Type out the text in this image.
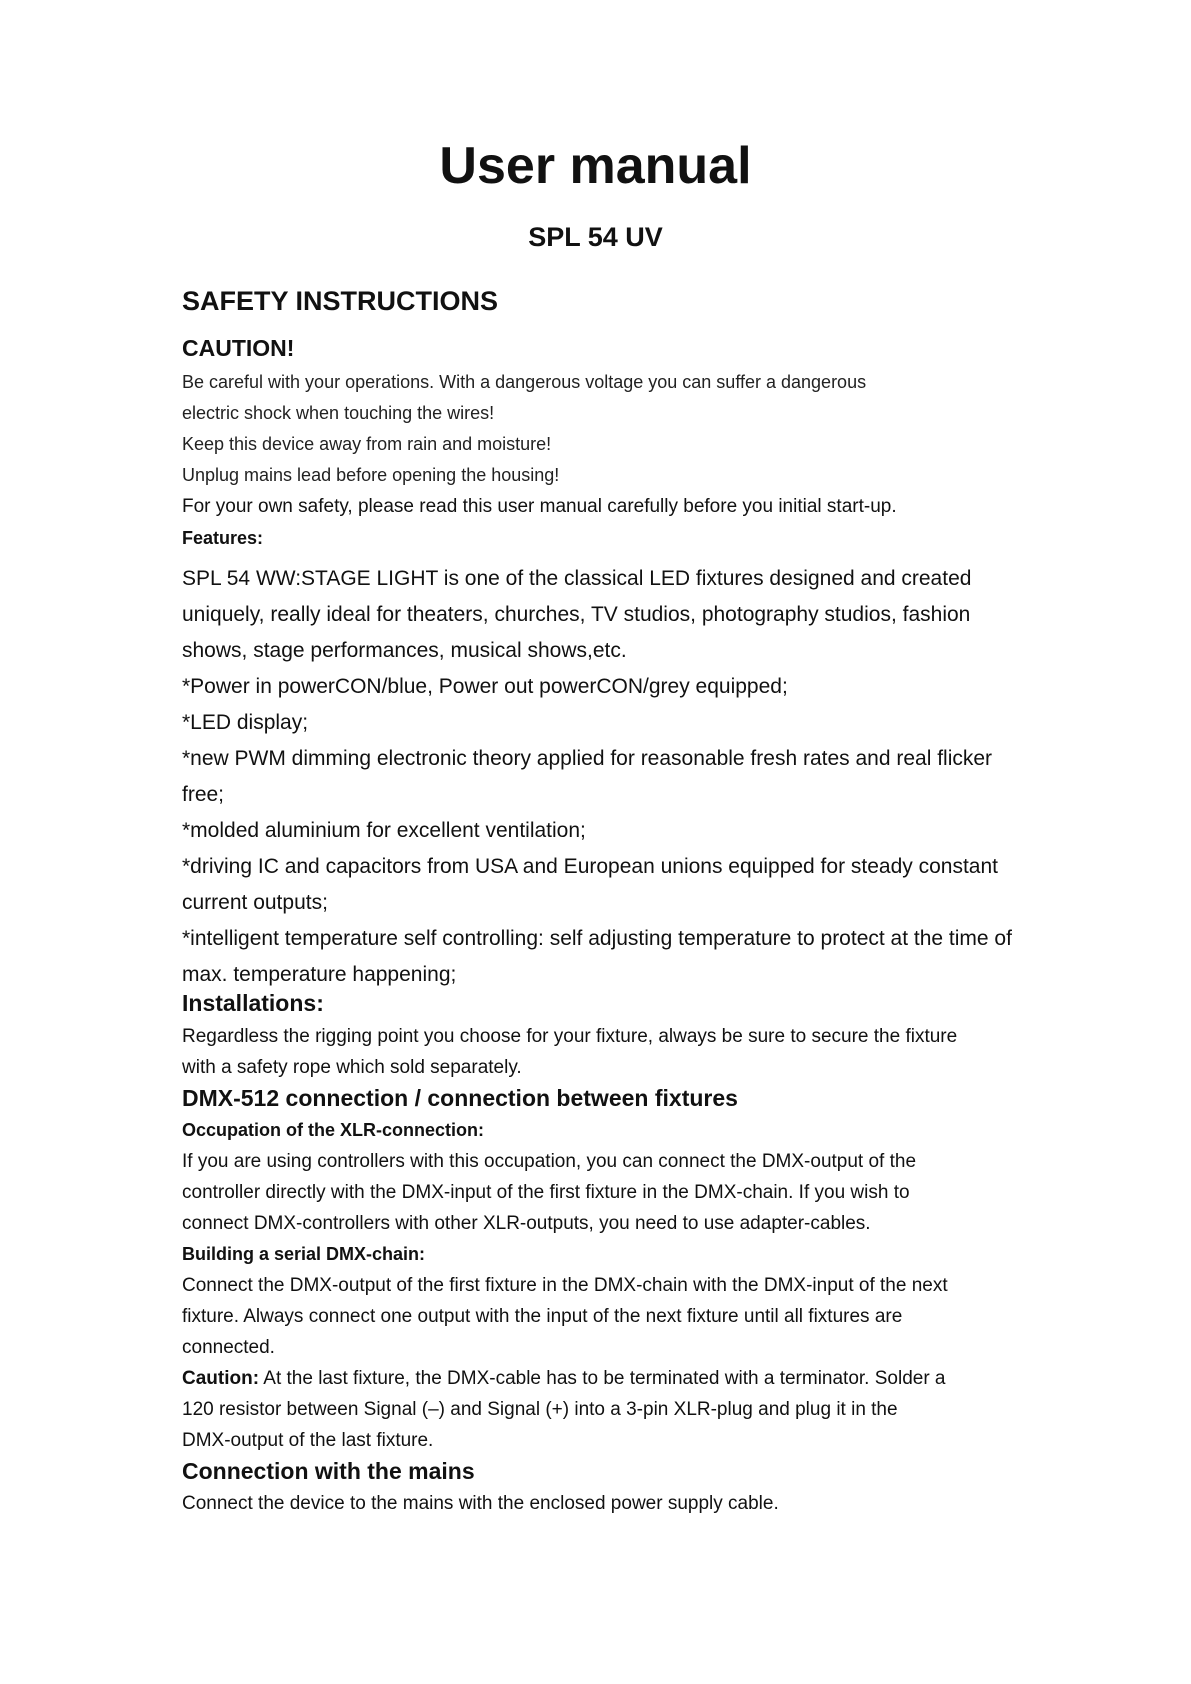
User manual
SPL 54 UV
SAFETY INSTRUCTIONS
CAUTION!
Be careful with your operations. With a dangerous voltage you can suffer a dangerous
electric shock when touching the wires!
Keep this device away from rain and moisture!
Unplug mains lead before opening the housing!
For your own safety, please read this user manual carefully before you initial start-up.
Features:
SPL 54 WW:STAGE LIGHT is one of the classical LED fixtures designed and created
uniquely, really ideal for theaters, churches, TV studios, photography studios, fashion
shows, stage performances, musical shows,etc.
*Power in powerCON/blue, Power out powerCON/grey equipped;
*LED display;
*new PWM dimming electronic theory applied for reasonable fresh rates and real flicker
free;
*molded aluminium for excellent ventilation;
*driving IC and capacitors from USA and European unions equipped for steady constant
current outputs;
*intelligent temperature self controlling: self adjusting temperature to protect at the time of
max. temperature happening;
Installations:
Regardless the rigging point you choose for your fixture, always be sure to secure the fixture
with a safety rope which sold separately.
DMX-512 connection / connection between fixtures
Occupation of the XLR-connection:
If you are using controllers with this occupation, you can connect the DMX-output of the
controller directly with the DMX-input of the first fixture in the DMX-chain. If you wish to
connect DMX-controllers with other XLR-outputs, you need to use adapter-cables.
Building a serial DMX-chain:
Connect the DMX-output of the first fixture in the DMX-chain with the DMX-input of the next
fixture. Always connect one output with the input of the next fixture until all fixtures are
connected.
Caution: At the last fixture, the DMX-cable has to be terminated with a terminator. Solder a
120 resistor between Signal (–) and Signal (+) into a 3-pin XLR-plug and plug it in the
DMX-output of the last fixture.
Connection with the mains
Connect the device to the mains with the enclosed power supply cable.
